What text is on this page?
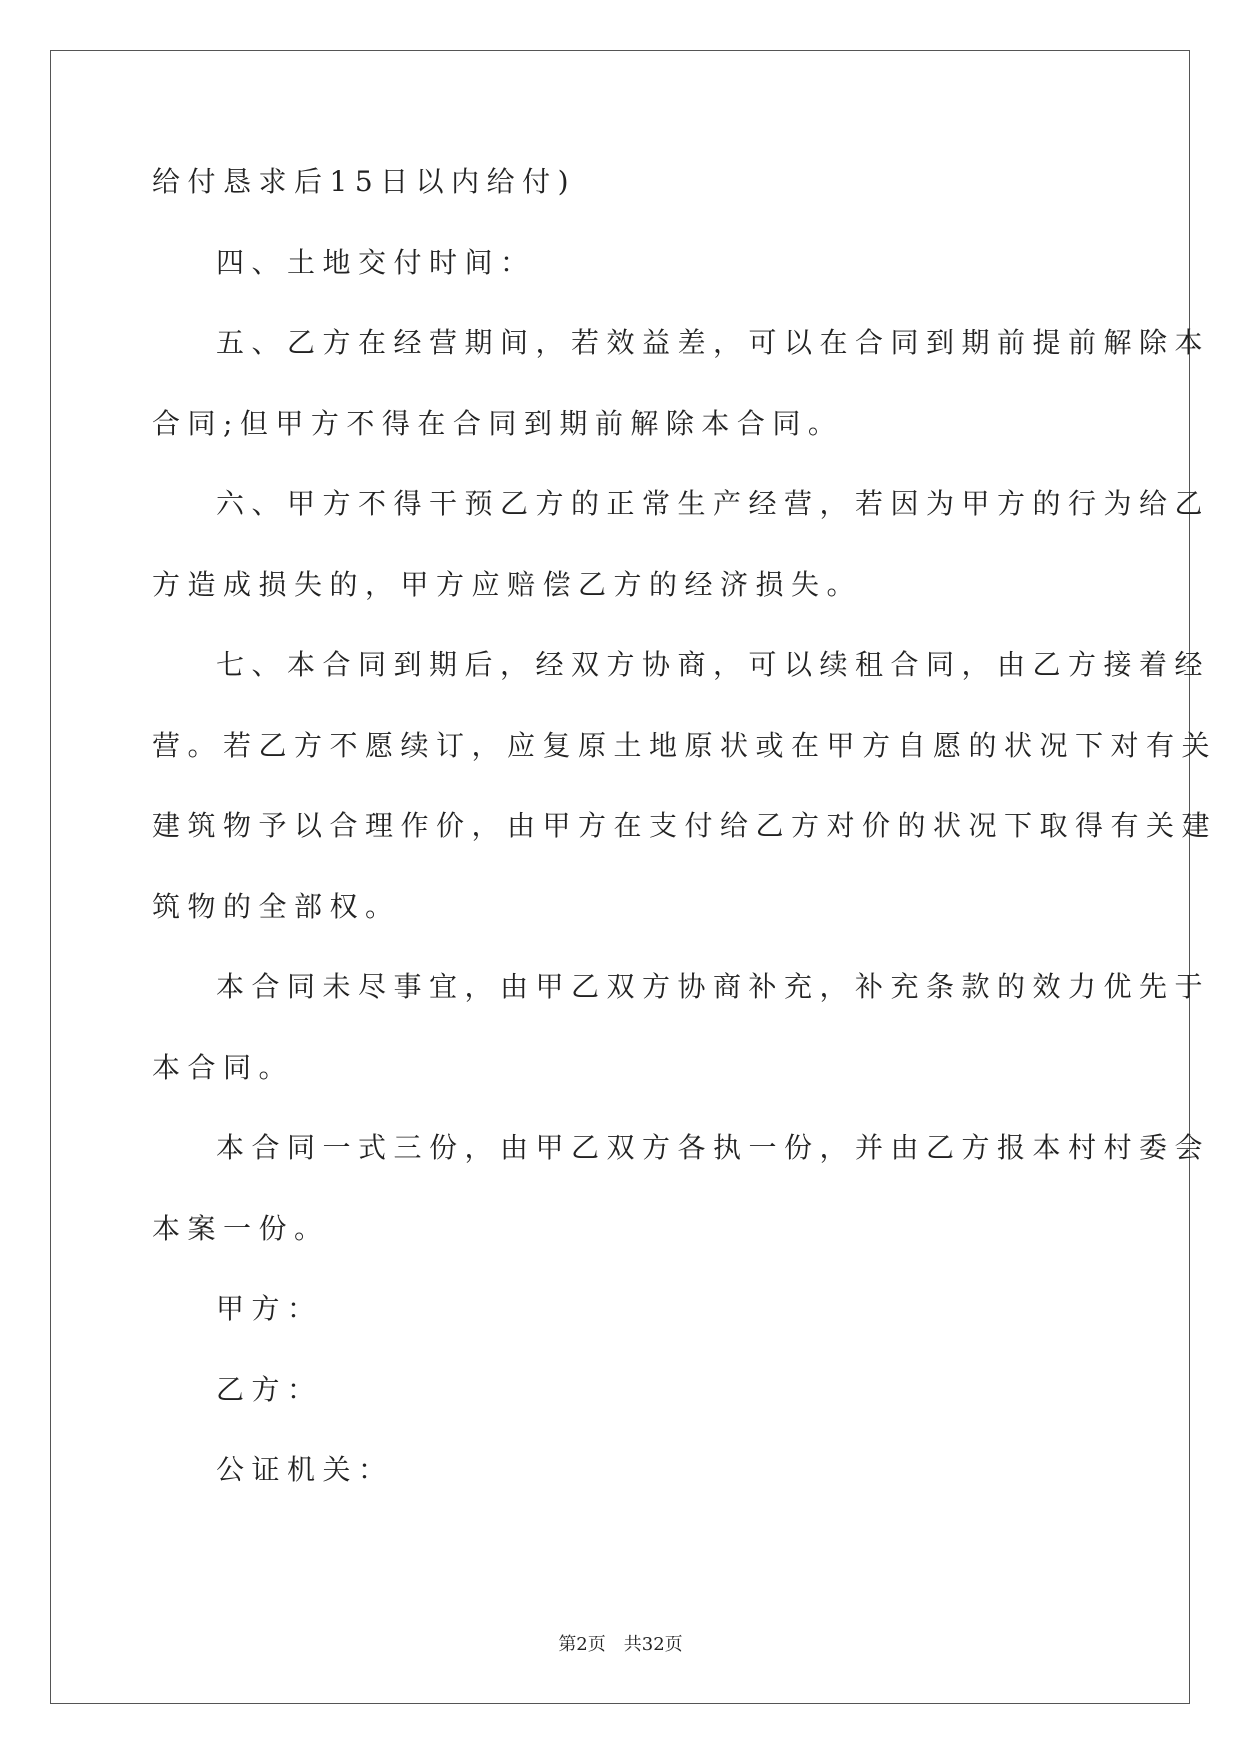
给付恳求后15日以内给付)
四、土地交付时间：
五、乙方在经营期间，若效益差，可以在合同到期前提前解除本
合同;但甲方不得在合同到期前解除本合同。
六、甲方不得干预乙方的正常生产经营，若因为甲方的行为给乙
方造成损失的，甲方应赔偿乙方的经济损失。
七、本合同到期后，经双方协商，可以续租合同，由乙方接着经
营。若乙方不愿续订，应复原土地原状或在甲方自愿的状况下对有关
建筑物予以合理作价，由甲方在支付给乙方对价的状况下取得有关建
筑物的全部权。
本合同未尽事宜，由甲乙双方协商补充，补充条款的效力优先于
本合同。
本合同一式三份，由甲乙双方各执一份，并由乙方报本村村委会
本案一份。
甲方：
乙方：
公证机关：
第2页　共32页
